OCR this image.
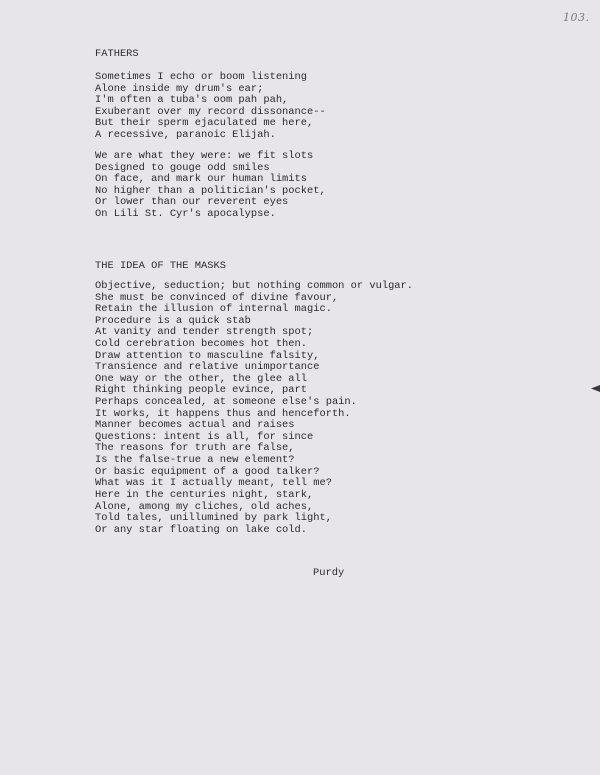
103.
FATHERS
Sometimes I echo or boom listening
Alone inside my drum's ear;
I'm often a tuba's oom pah pah,
Exuberant over my record dissonance--
But their sperm ejaculated me here,
A recessive, paranoic Elijah.
We are what they were: we fit slots
Designed to gouge odd smiles
On face, and mark our human limits
No higher than a politician's pocket,
Or lower than our reverent eyes
On Lili St. Cyr's apocalypse.
THE IDEA OF THE MASKS
Objective, seduction; but nothing common or vulgar.
She must be convinced of divine favour,
Retain the illusion of internal magic.
Procedure is a quick stab
At vanity and tender strength spot;
Cold cerebration becomes hot then.
Draw attention to masculine falsity,
Transience and relative unimportance
One way or the other, the glee all
Right thinking people evince, part
Perhaps concealed, at someone else's pain.
It works, it happens thus and henceforth.
Manner becomes actual and raises
Questions: intent is all, for since
The reasons for truth are false,
Is the false-true a new element?
Or basic equipment of a good talker?
What was it I actually meant, tell me?
Here in the centuries night, stark,
Alone, among my cliches, old aches,
Told tales, unillumined by park light,
Or any star floating on lake cold.
Purdy
